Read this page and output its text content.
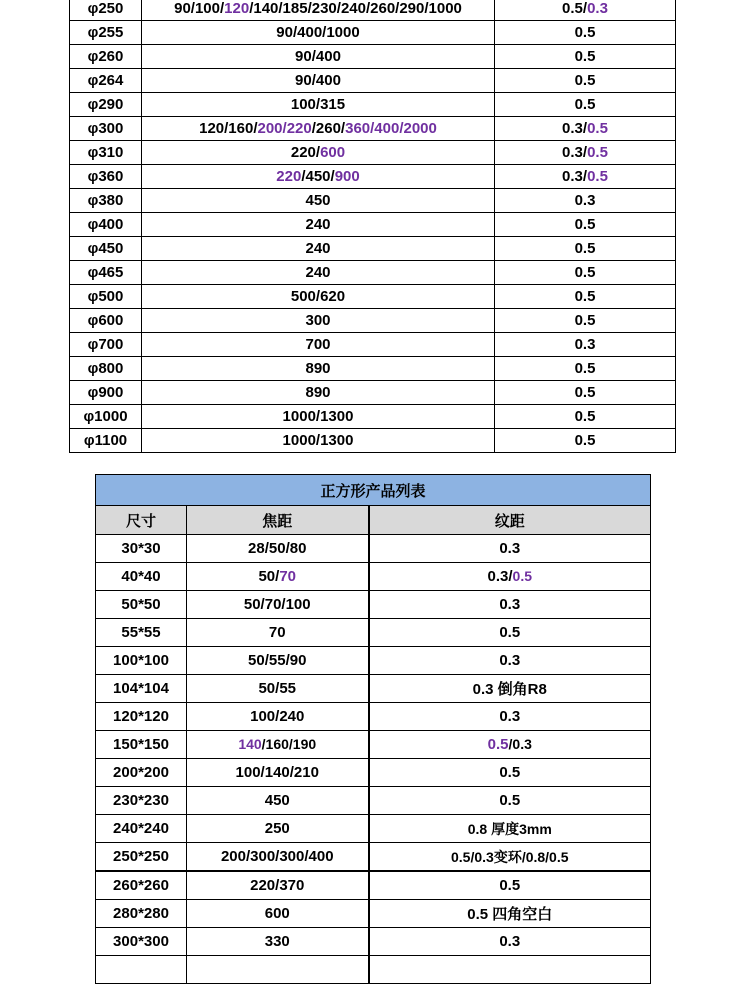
φ250	90/100/120/140/185/230/240/260/290/1000	0.5/0.3
φ255	90/400/1000	0.5
φ260	90/400	0.5
φ264	90/400	0.5
φ290	100/315	0.5
φ300	120/160/200/220/260/360/400/2000	0.3/0.5
φ310	220/600	0.3/0.5
φ360	220/450/900	0.3/0.5
φ380	450	0.3
φ400	240	0.5
φ450	240	0.5
φ465	240	0.5
φ500	500/620	0.5
φ600	300	0.5
φ700	700	0.3
φ800	890	0.5
φ900	890	0.5
φ1000	1000/1300	0.5
φ1100	1000/1300	0.5
正方形产品列表		
尺寸	焦距	纹距
30*30	28/50/80	0.3
40*40	50/70	0.3/0.5
50*50	50/70/100	0.3
55*55	70	0.5
100*100	50/55/90	0.3
104*104	50/55	0.3 倒角R8
120*120	100/240	0.3
150*150	140/160/190	0.5/0.3
200*200	100/140/210	0.5
230*230	450	0.5
240*240	250	0.8 厚度3mm
250*250	200/300/300/400	0.5/0.3变环/0.8/0.5
260*260	220/370	0.5
280*280	600	0.5 四角空白
300*300	330	0.3
